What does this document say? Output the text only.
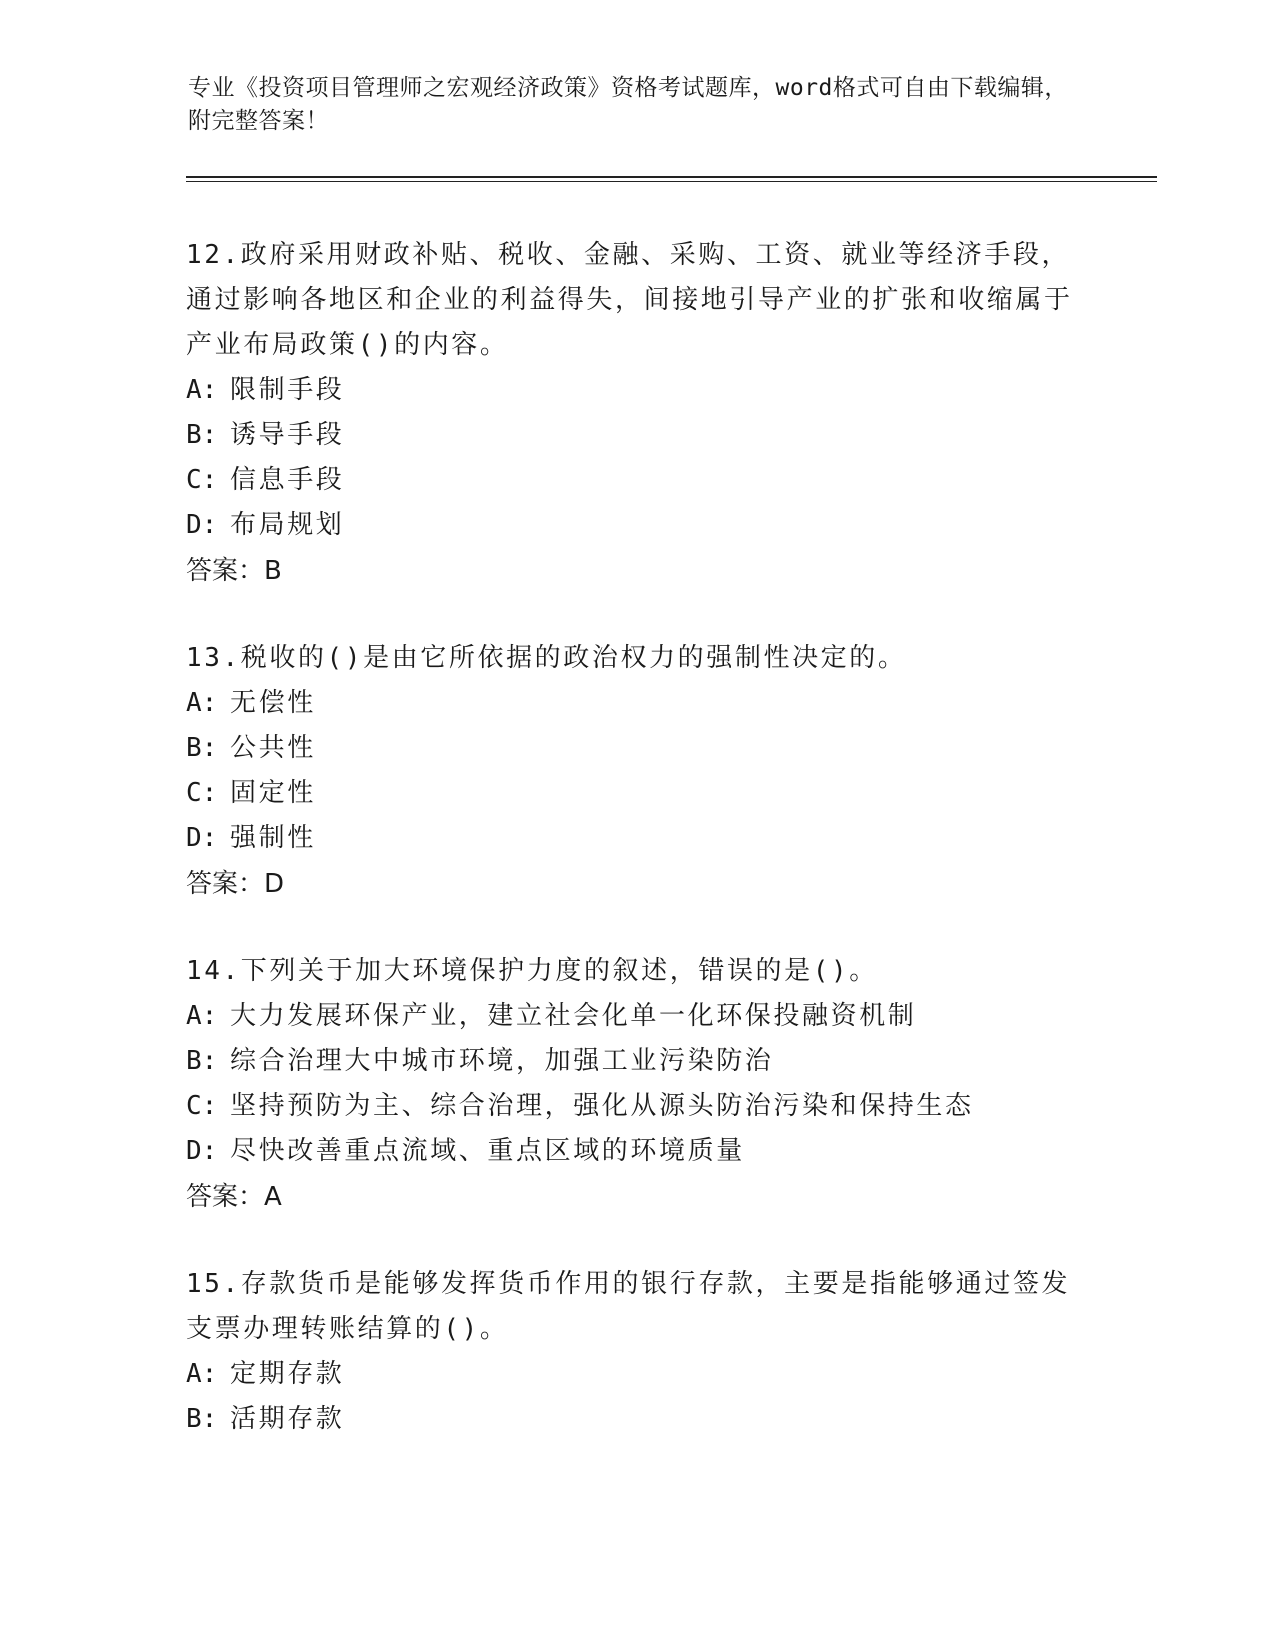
专业《投资项目管理师之宏观经济政策》资格考试题库，word格式可自由下载编辑，附完整答案！

12.政府采用财政补贴、税收、金融、采购、工资、就业等经济手段，通过影响各地区和企业的利益得失，间接地引导产业的扩张和收缩属于产业布局政策()的内容。

A: 限制手段

B: 诱导手段

C: 信息手段

D: 布局规划

答案：B

13.税收的()是由它所依据的政治权力的强制性决定的。

A: 无偿性

B: 公共性

C: 固定性

D: 强制性

答案：D

14.下列关于加大环境保护力度的叙述，错误的是()。

A: 大力发展环保产业，建立社会化单一化环保投融资机制

B: 综合治理大中城市环境，加强工业污染防治

C: 坚持预防为主、综合治理，强化从源头防治污染和保持生态

D: 尽快改善重点流域、重点区域的环境质量

答案：A

15.存款货币是能够发挥货币作用的银行存款，主要是指能够通过签发支票办理转账结算的()。

A: 定期存款

B: 活期存款
